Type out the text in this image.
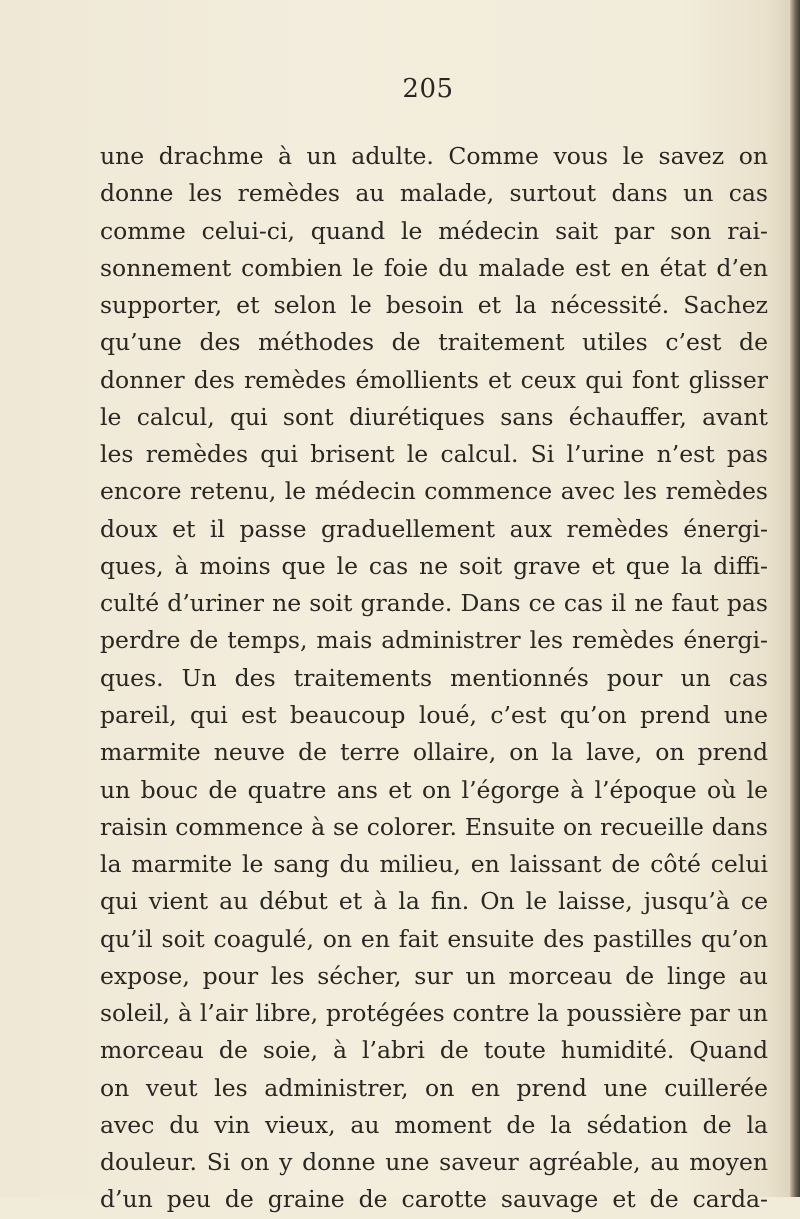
205
une drachme à un adulte. Comme vous le savez on
donne les remèdes au malade, surtout dans un cas
comme celui-ci, quand le médecin sait par son rai-
sonnement combien le foie du malade est en état d’en
supporter, et selon le besoin et la nécessité. Sachez
qu’une des méthodes de traitement utiles c’est de
donner des remèdes émollients et ceux qui font glisser
le calcul, qui sont diurétiques sans échauffer, avant
les remèdes qui brisent le calcul. Si l’urine n’est pas
encore retenu, le médecin commence avec les remèdes
doux et il passe graduellement aux remèdes énergi-
ques, à moins que le cas ne soit grave et que la diffi-
culté d’uriner ne soit grande. Dans ce cas il ne faut pas
perdre de temps, mais administrer les remèdes énergi-
ques. Un des traitements mentionnés pour un cas
pareil, qui est beaucoup loué, c’est qu’on prend une
marmite neuve de terre ollaire, on la lave, on prend
un bouc de quatre ans et on l’égorge à l’époque où le
raisin commence à se colorer. Ensuite on recueille dans
la marmite le sang du milieu, en laissant de côté celui
qui vient au début et à la fin. On le laisse, jusqu’à ce
qu’il soit coagulé, on en fait ensuite des pastilles qu’on
expose, pour les sécher, sur un morceau de linge au
soleil, à l’air libre, protégées contre la poussière par un
morceau de soie, à l’abri de toute humidité. Quand
on veut les administrer, on en prend une cuillerée
avec du vin vieux, au moment de la sédation de la
douleur. Si on y donne une saveur agréable, au moyen
d’un peu de graine de carotte sauvage et de carda-
